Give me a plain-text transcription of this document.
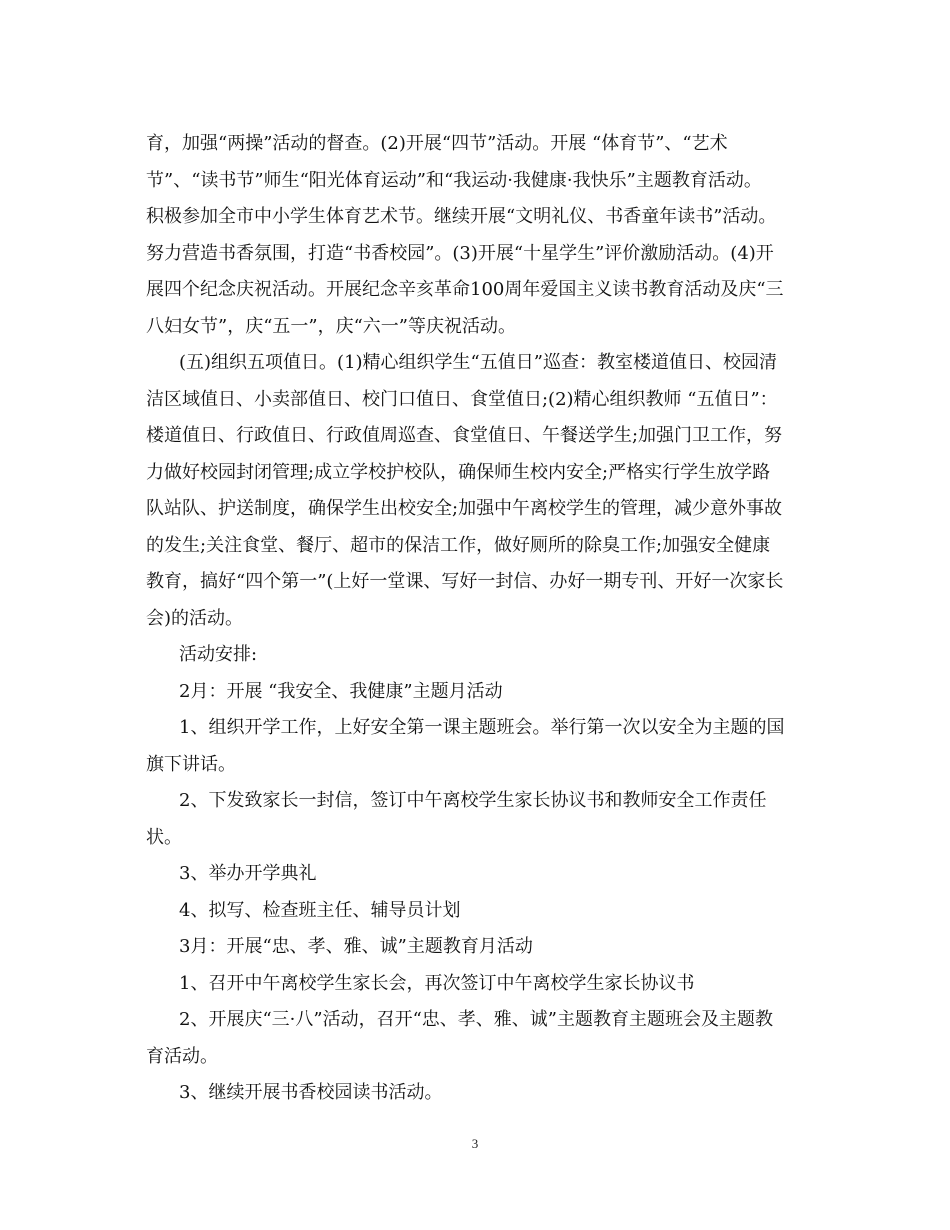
育，加强“两操”活动的督查。(2)开展“四节”活动。开展 “体育节”、“艺术

节”、“读书节”师生“阳光体育运动”和“我运动·我健康·我快乐”主题教育活动。

积极参加全市中小学生体育艺术节。继续开展“文明礼仪、书香童年读书”活动。

努力营造书香氛围，打造“书香校园”。(3)开展“十星学生”评价激励活动。(4)开

展四个纪念庆祝活动。开展纪念辛亥革命100周年爱国主义读书教育活动及庆“三

八妇女节”，庆“五一”，庆“六一”等庆祝活动。

(五)组织五项值日。(1)精心组织学生“五值日”巡查：教室楼道值日、校园清

洁区域值日、小卖部值日、校门口值日、食堂值日;(2)精心组织教师 “五值日”：

楼道值日、行政值日、行政值周巡查、食堂值日、午餐送学生;加强门卫工作，努

力做好校园封闭管理;成立学校护校队，确保师生校内安全;严格实行学生放学路

队站队、护送制度，确保学生出校安全;加强中午离校学生的管理，减少意外事故

的发生;关注食堂、餐厅、超市的保洁工作，做好厕所的除臭工作;加强安全健康

教育，搞好“四个第一”(上好一堂课、写好一封信、办好一期专刊、开好一次家长

会)的活动。

活动安排:

2月：开展 “我安全、我健康”主题月活动

1、组织开学工作，上好安全第一课主题班会。举行第一次以安全为主题的国

旗下讲话。

2、下发致家长一封信，签订中午离校学生家长协议书和教师安全工作责任

状。

3、举办开学典礼

4、拟写、检查班主任、辅导员计划

3月：开展“忠、孝、雅、诚”主题教育月活动

1、召开中午离校学生家长会，再次签订中午离校学生家长协议书

2、开展庆“三·八”活动，召开“忠、孝、雅、诚”主题教育主题班会及主题教

育活动。

3、继续开展书香校园读书活动。

3
